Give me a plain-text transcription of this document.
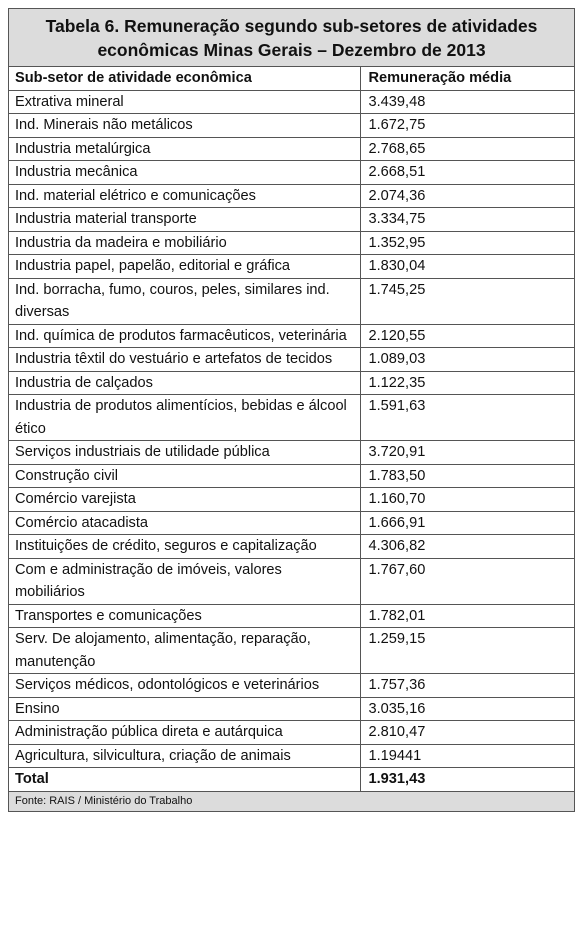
Tabela 6. Remuneração segundo sub-setores de atividades
econômicas Minas Gerais – Dezembro de 2013
Sub-setor de atividade econômica	Remuneração média
Extrativa mineral	3.439,48
Ind. Minerais não metálicos	1.672,75
Industria metalúrgica	2.768,65
Industria mecânica	2.668,51
Ind. material elétrico e comunicações	2.074,36
Industria material transporte	3.334,75
Industria da madeira e mobiliário	1.352,95
Industria papel, papelão, editorial e gráfica	1.830,04
Ind. borracha, fumo, couros, peles, similares ind. diversas	1.745,25
Ind. química de produtos farmacêuticos, veterinária	2.120,55
Industria têxtil do vestuário e artefatos de tecidos	1.089,03
Industria de calçados	1.122,35
Industria de produtos alimentícios, bebidas e álcool ético	1.591,63
Serviços industriais de utilidade pública	3.720,91
Construção civil	1.783,50
Comércio varejista	1.160,70
Comércio atacadista	1.666,91
Instituições de crédito, seguros e capitalização	4.306,82
Com e administração de imóveis, valores mobiliários	1.767,60
Transportes e comunicações	1.782,01
Serv. De alojamento, alimentação, reparação, manutenção	1.259,15
Serviços médicos, odontológicos e veterinários	1.757,36
Ensino	3.035,16
Administração pública direta e autárquica	2.810,47
Agricultura, silvicultura, criação de animais	1.19441
Total	1.931,43
Fonte: RAIS / Ministério do Trabalho
